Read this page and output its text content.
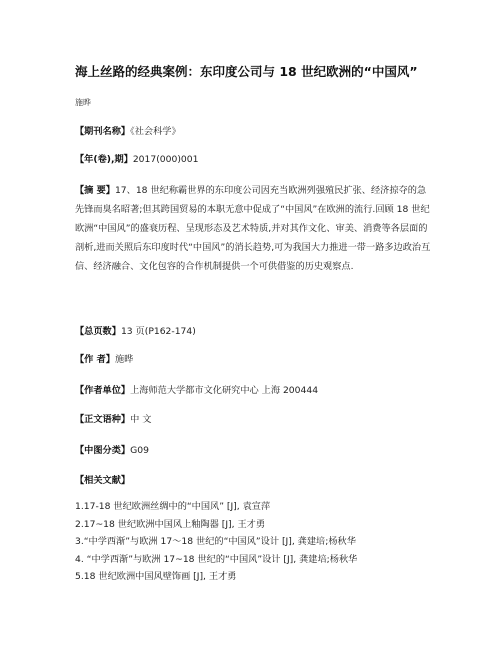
海上丝路的经典案例：东印度公司与 18 世纪欧洲的“中国风”
施晔
【期刊名称】《社会科学》
【年(卷),期】2017(000)001
【摘 要】17、18 世纪称霸世界的东印度公司因充当欧洲列强殖民扩张、经济掠夺的急先锋而臭名昭著;但其跨国贸易的本职无意中促成了“中国风”在欧洲的流行.回顾 18 世纪欧洲“中国风”的盛衰历程、呈现形态及艺术特质,并对其作文化、审美、消费等各层面的剖析,进而关照后东印度时代“中国风”的消长趋势,可为我国大力推进一带一路多边政治互信、经济融合、文化包容的合作机制提供一个可供借鉴的历史观察点.
【总页数】13 页(P162-174)
【作 者】施晔
【作者单位】上海师范大学都市文化研究中心 上海 200444
【正文语种】中 文
【中图分类】G09
【相关文献】
1.17-18 世纪欧洲丝绸中的“中国风” [J], 袁宣萍
2.17~18 世纪欧洲中国风上釉陶器 [J], 王才勇
3.“中学西渐”与欧洲 17～18 世纪的“中国风”设计 [J], 龚建培;杨秋华
4. “中学西渐”与欧洲 17~18 世纪的“中国风”设计 [J], 龚建培;杨秋华
5.18 世纪欧洲中国风壁饰画 [J], 王才勇
